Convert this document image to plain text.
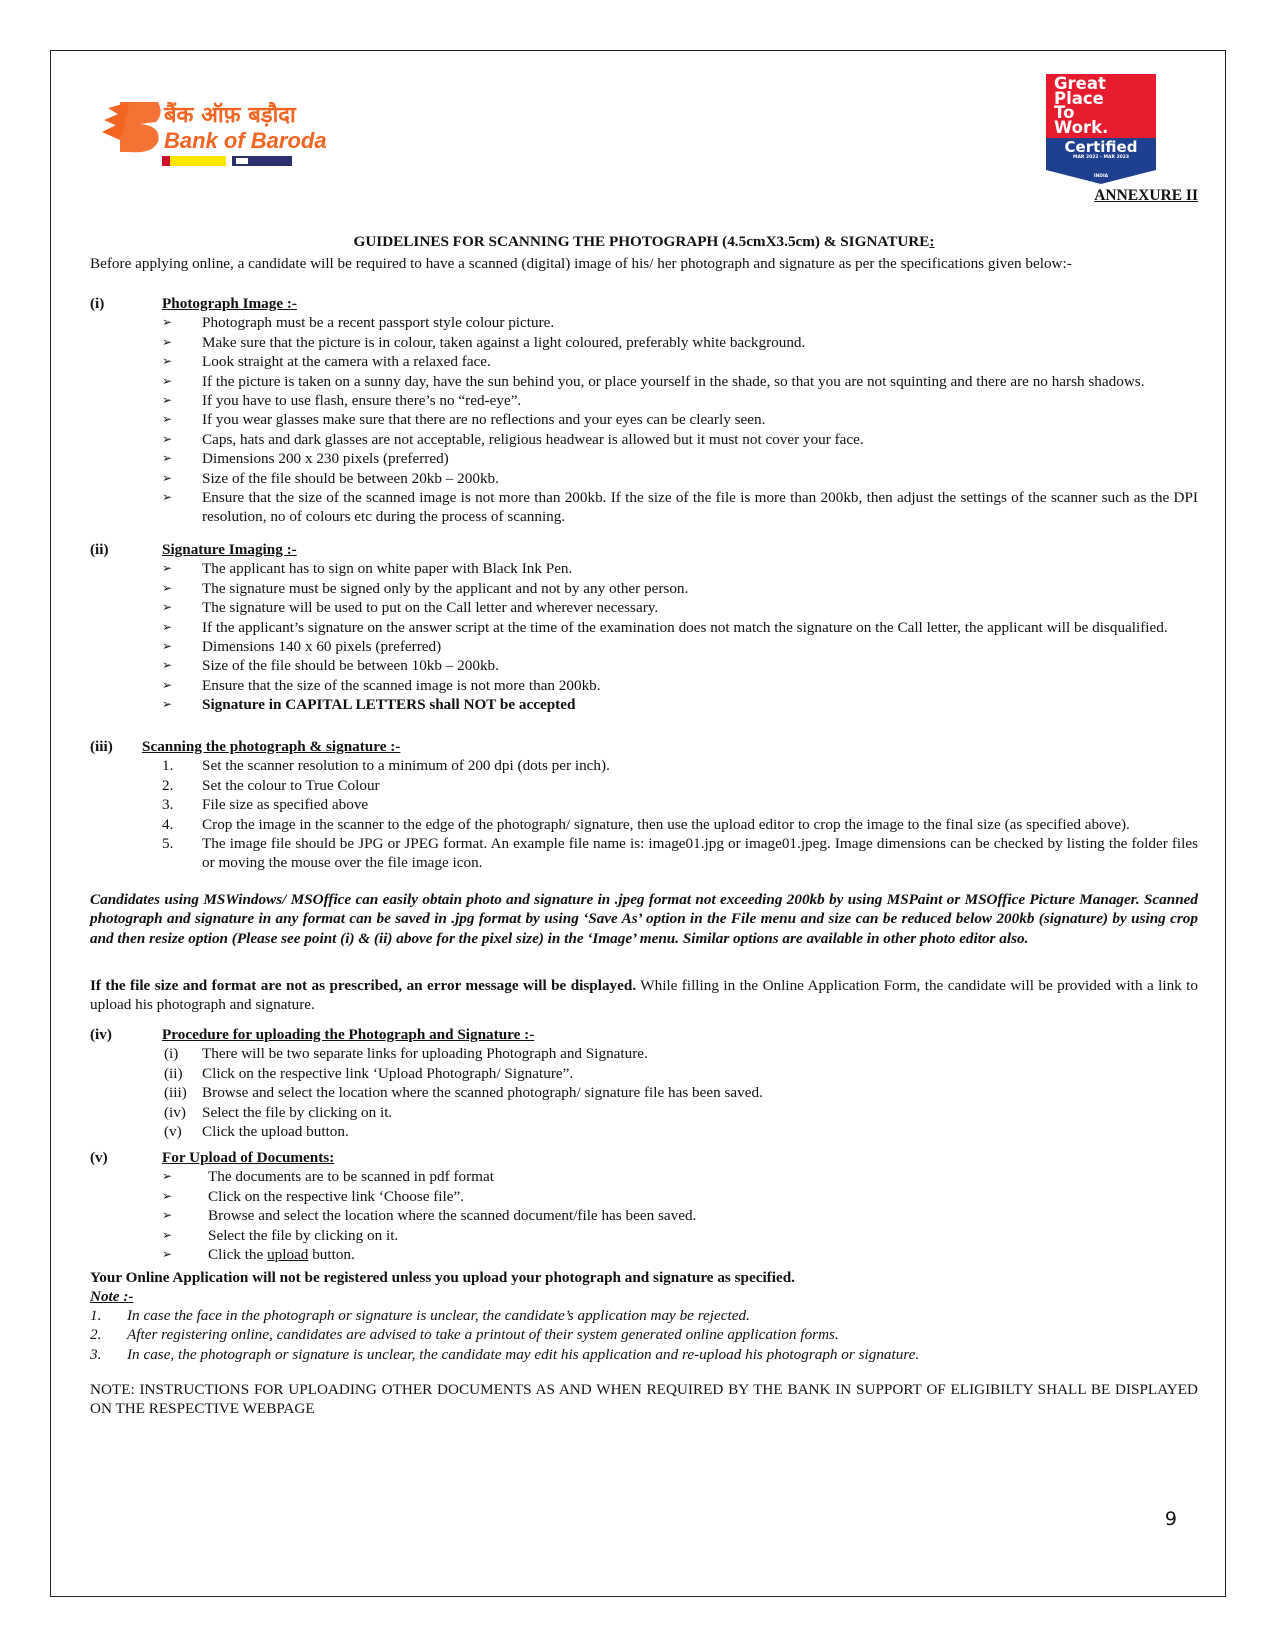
बैंक ऑफ़ बड़ौदा
Bank of Baroda
Great
Place
To
Work.
Certified
MAR 2022 - MAR 2023
INDIA
ANNEXURE II
GUIDELINES FOR SCANNING THE PHOTOGRAPH (4.5cmX3.5cm) & SIGNATURE:
Before applying online, a candidate will be required to have a scanned (digital) image of his/ her photograph and signature as per the specifications given below:-
(i)	Photograph Image :-
➢ Photograph must be a recent passport style colour picture.
➢ Make sure that the picture is in colour, taken against a light coloured, preferably white background.
➢ Look straight at the camera with a relaxed face.
➢ If the picture is taken on a sunny day, have the sun behind you, or place yourself in the shade, so that you are not squinting and there are no harsh shadows.
➢ If you have to use flash, ensure there’s no “red-eye”.
➢ If you wear glasses make sure that there are no reflections and your eyes can be clearly seen.
➢ Caps, hats and dark glasses are not acceptable, religious headwear is allowed but it must not cover your face.
➢ Dimensions 200 x 230 pixels (preferred)
➢ Size of the file should be between 20kb – 200kb.
➢ Ensure that the size of the scanned image is not more than 200kb. If the size of the file is more than 200kb, then adjust the settings of the scanner such as the DPI resolution, no of colours etc during the process of scanning.
(ii)	Signature Imaging :-
➢ The applicant has to sign on white paper with Black Ink Pen.
➢ The signature must be signed only by the applicant and not by any other person.
➢ The signature will be used to put on the Call letter and wherever necessary.
➢ If the applicant’s signature on the answer script at the time of the examination does not match the signature on the Call letter, the applicant will be disqualified.
➢ Dimensions 140 x 60 pixels (preferred)
➢ Size of the file should be between 10kb – 200kb.
➢ Ensure that the size of the scanned image is not more than 200kb.
➢ Signature in CAPITAL LETTERS shall NOT be accepted
(iii) Scanning the photograph & signature :-
1. Set the scanner resolution to a minimum of 200 dpi (dots per inch).
2. Set the colour to True Colour
3. File size as specified above
4. Crop the image in the scanner to the edge of the photograph/ signature, then use the upload editor to crop the image to the final size (as specified above).
5. The image file should be JPG or JPEG format. An example file name is: image01.jpg or image01.jpeg. Image dimensions can be checked by listing the folder files or moving the mouse over the file image icon.
Candidates using MSWindows/ MSOffice can easily obtain photo and signature in .jpeg format not exceeding 200kb by using MSPaint or MSOffice Picture Manager. Scanned photograph and signature in any format can be saved in .jpg format by using ‘Save As’ option in the File menu and size can be reduced below 200kb (signature) by using crop and then resize option (Please see point (i) & (ii) above for the pixel size) in the ‘Image’ menu. Similar options are available in other photo editor also.
If the file size and format are not as prescribed, an error message will be displayed. While filling in the Online Application Form, the candidate will be provided with a link to upload his photograph and signature.
(iv)	Procedure for uploading the Photograph and Signature :-
(i) There will be two separate links for uploading Photograph and Signature.
(ii) Click on the respective link ‘Upload Photograph/ Signature”.
(iii) Browse and select the location where the scanned photograph/ signature file has been saved.
(iv) Select the file by clicking on it.
(v) Click the upload button.
(v)	For Upload of Documents:
➢ The documents are to be scanned in pdf format
➢ Click on the respective link ‘Choose file”.
➢ Browse and select the location where the scanned document/file has been saved.
➢ Select the file by clicking on it.
➢ Click the upload button.
Your Online Application will not be registered unless you upload your photograph and signature as specified.
Note :-
1. In case the face in the photograph or signature is unclear, the candidate’s application may be rejected.
2. After registering online, candidates are advised to take a printout of their system generated online application forms.
3. In case, the photograph or signature is unclear, the candidate may edit his application and re-upload his photograph or signature.
NOTE: INSTRUCTIONS FOR UPLOADING OTHER DOCUMENTS AS AND WHEN REQUIRED BY THE BANK IN SUPPORT OF ELIGIBILTY SHALL BE DISPLAYED ON THE RESPECTIVE WEBPAGE
9
